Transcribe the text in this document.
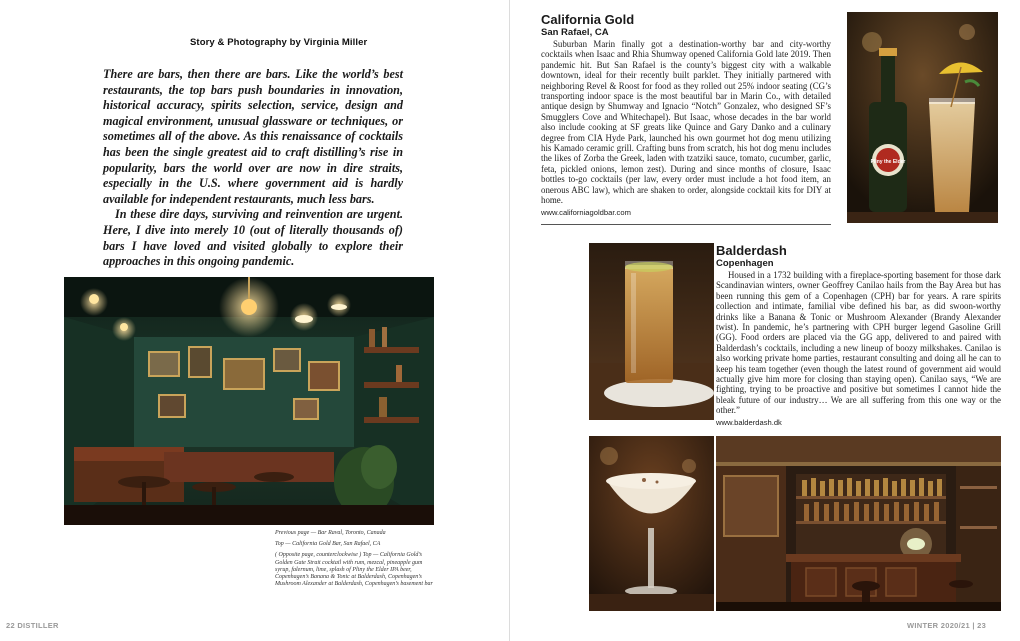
Story & Photography by Virginia Miller

There are bars, then there are bars. Like the world’s best restaurants, the top bars push boundaries in innovation, historical accuracy, spirits selection, service, design and magical environment, unusual glassware or techniques, or sometimes all of the above. As this renaissance of cocktails has been the single greatest aid to craft distilling’s rise in popularity, bars the world over are now in dire straits, especially in the U.S. where government aid is hardly available for independent restaurants, much less bars.

In these dire days, surviving and reinvention are urgent. Here, I dive into merely 10 (out of literally thousands of) bars I have loved and visited globally to explore their approaches in this ongoing pandemic.

Previous page — Bar Raval, Toronto, Canada
Top — California Gold Bar, San Rafael, CA
( Opposite page, counterclockwise ) Top — California Gold’s Golden Gate Strait cocktail with rum, mezcal, pineapple gum syrup, falernum, lime, splash of Pliny the Elder IPA beer, Copenhagen’s Banana & Tonic at Balderdash, Copenhagen’s Mushroom Alexander at Balderdash, Copenhagen’s basement bar
22 DISTILLER
California Gold
San Rafael, CA
Suburban Marin finally got a destination-worthy bar and city-worthy cocktails when Isaac and Rhia Shumway opened California Gold late 2019. Then pandemic hit. But San Rafael is the county’s biggest city with a walkable downtown, ideal for their recently built parklet. They initially partnered with neighboring Revel & Roost for food as they rolled out 25% indoor seating (CG’s transporting indoor space is the most beautiful bar in Marin Co., with detailed antique design by Shumway and Ignacio “Notch” Gonzalez, who designed SF’s Smugglers Cove and Whitechapel). But Isaac, whose decades in the bar world also include cooking at SF greats like Quince and Gary Danko and a culinary degree from CIA Hyde Park, launched his own gourmet hot dog menu utilizing his Kamado ceramic grill. Crafting buns from scratch, his hot dog menu includes the likes of Zorba the Greek, laden with tzatziki sauce, tomato, cucumber, garlic, feta, pickled onions, lemon zest). During and since months of closure, Isaac bottles to-go cocktails (per law, every order must include a hot food item, an onerous ABC law), which are shaken to order, alongside cocktail kits for DIY at home.
www.californiagoldbar.com
Pliny the Elder
Balderdash
Copenhagen
Housed in a 1732 building with a fireplace-sporting basement for those dark Scandinavian winters, owner Geoffrey Canilao hails from the Bay Area but has been running this gem of a Copenhagen (CPH) bar for years. A rare spirits collection and intimate, familial vibe defined his bar, as did swoon-worthy drinks like a Banana & Tonic or Mushroom Alexander (Brandy Alexander twist). In pandemic, he’s partnering with CPH burger legend Gasoline Grill (GG). Food orders are placed via the GG app, delivered to and paired with Balderdash’s cocktails, including a new lineup of boozy milkshakes. Canilao is also working private home parties, restaurant consulting and doing all he can to keep his team together (even though the latest round of government aid would actually give him more for closing than staying open). Canilao says, “We are fighting, trying to be proactive and positive but sometimes I cannot hide the bleak future of our industry… We are all suffering from this one way or the other.”
www.balderdash.dk
WINTER 2020/21 | 23
